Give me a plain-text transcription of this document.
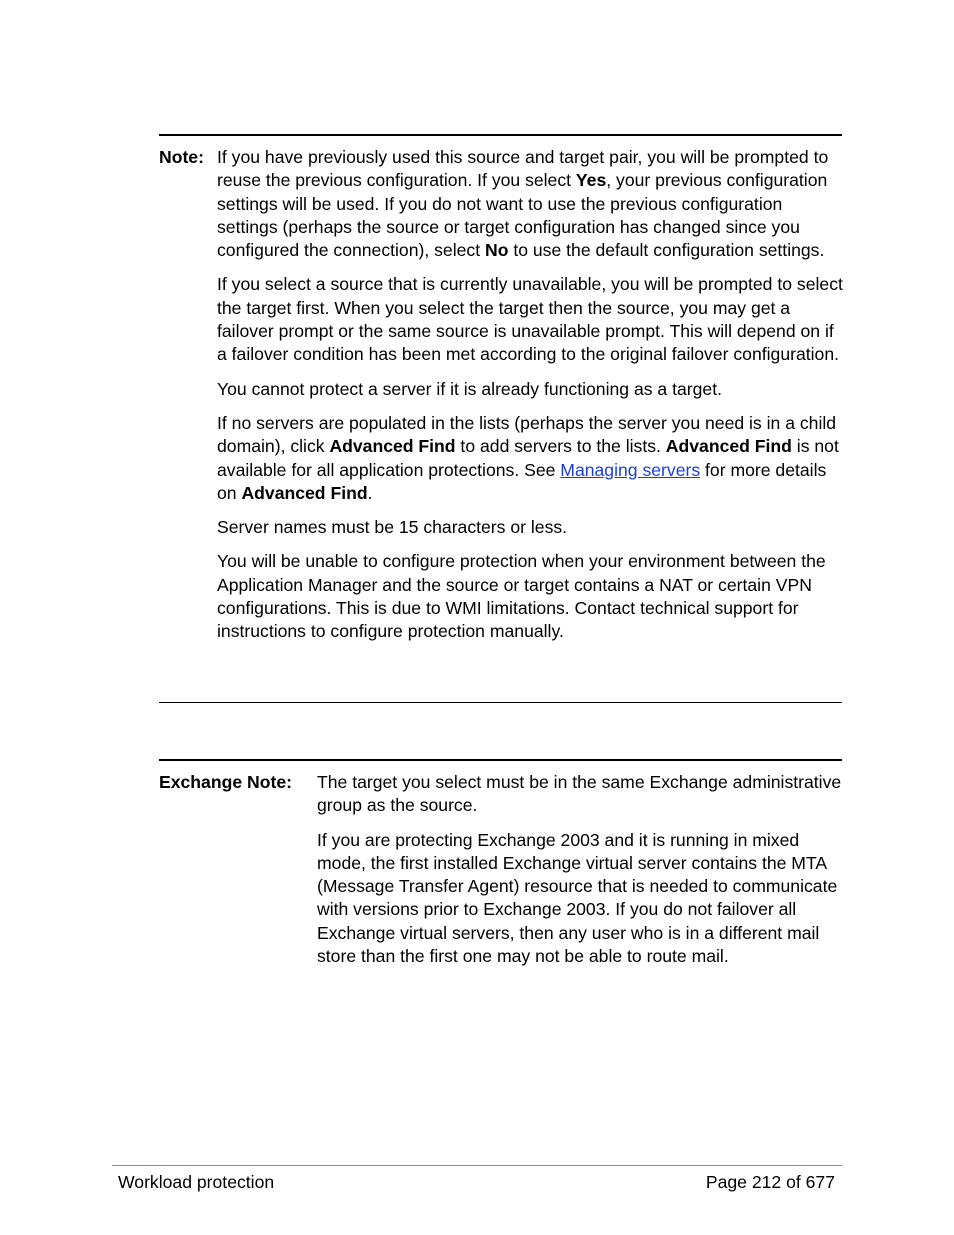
Note: If you have previously used this source and target pair, you will be prompted to reuse the previous configuration. If you select Yes, your previous configuration settings will be used. If you do not want to use the previous configuration settings (perhaps the source or target configuration has changed since you configured the connection), select No to use the default configuration settings.

If you select a source that is currently unavailable, you will be prompted to select the target first. When you select the target then the source, you may get a failover prompt or the same source is unavailable prompt. This will depend on if a failover condition has been met according to the original failover configuration.

You cannot protect a server if it is already functioning as a target.

If no servers are populated in the lists (perhaps the server you need is in a child domain), click Advanced Find to add servers to the lists. Advanced Find is not available for all application protections. See Managing servers for more details on Advanced Find.

Server names must be 15 characters or less.

You will be unable to configure protection when your environment between the Application Manager and the source or target contains a NAT or certain VPN configurations. This is due to WMI limitations. Contact technical support for instructions to configure protection manually.

Exchange Note: The target you select must be in the same Exchange administrative group as the source.

If you are protecting Exchange 2003 and it is running in mixed mode, the first installed Exchange virtual server contains the MTA (Message Transfer Agent) resource that is needed to communicate with versions prior to Exchange 2003. If you do not failover all Exchange virtual servers, then any user who is in a different mail store than the first one may not be able to route mail.

Workload protection	Page 212 of 677
